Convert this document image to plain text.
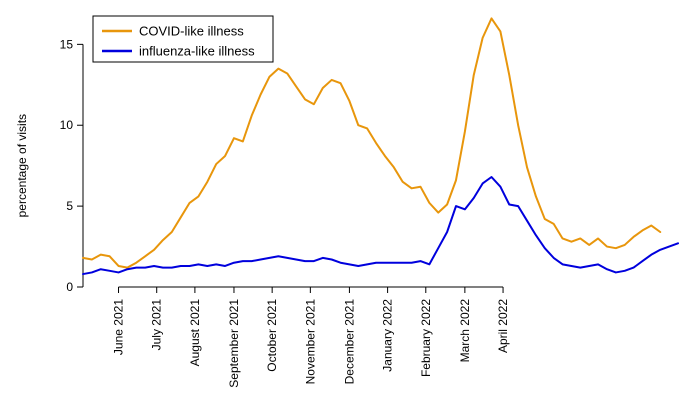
0
5
10
15
percentage of visits
June 2021 July 2021 August 2021 September 2021 October 2021 November 2021 December 2021 January 2022 February 2022 March 2022 April 2022
COVID-like illness
influenza-like illness
